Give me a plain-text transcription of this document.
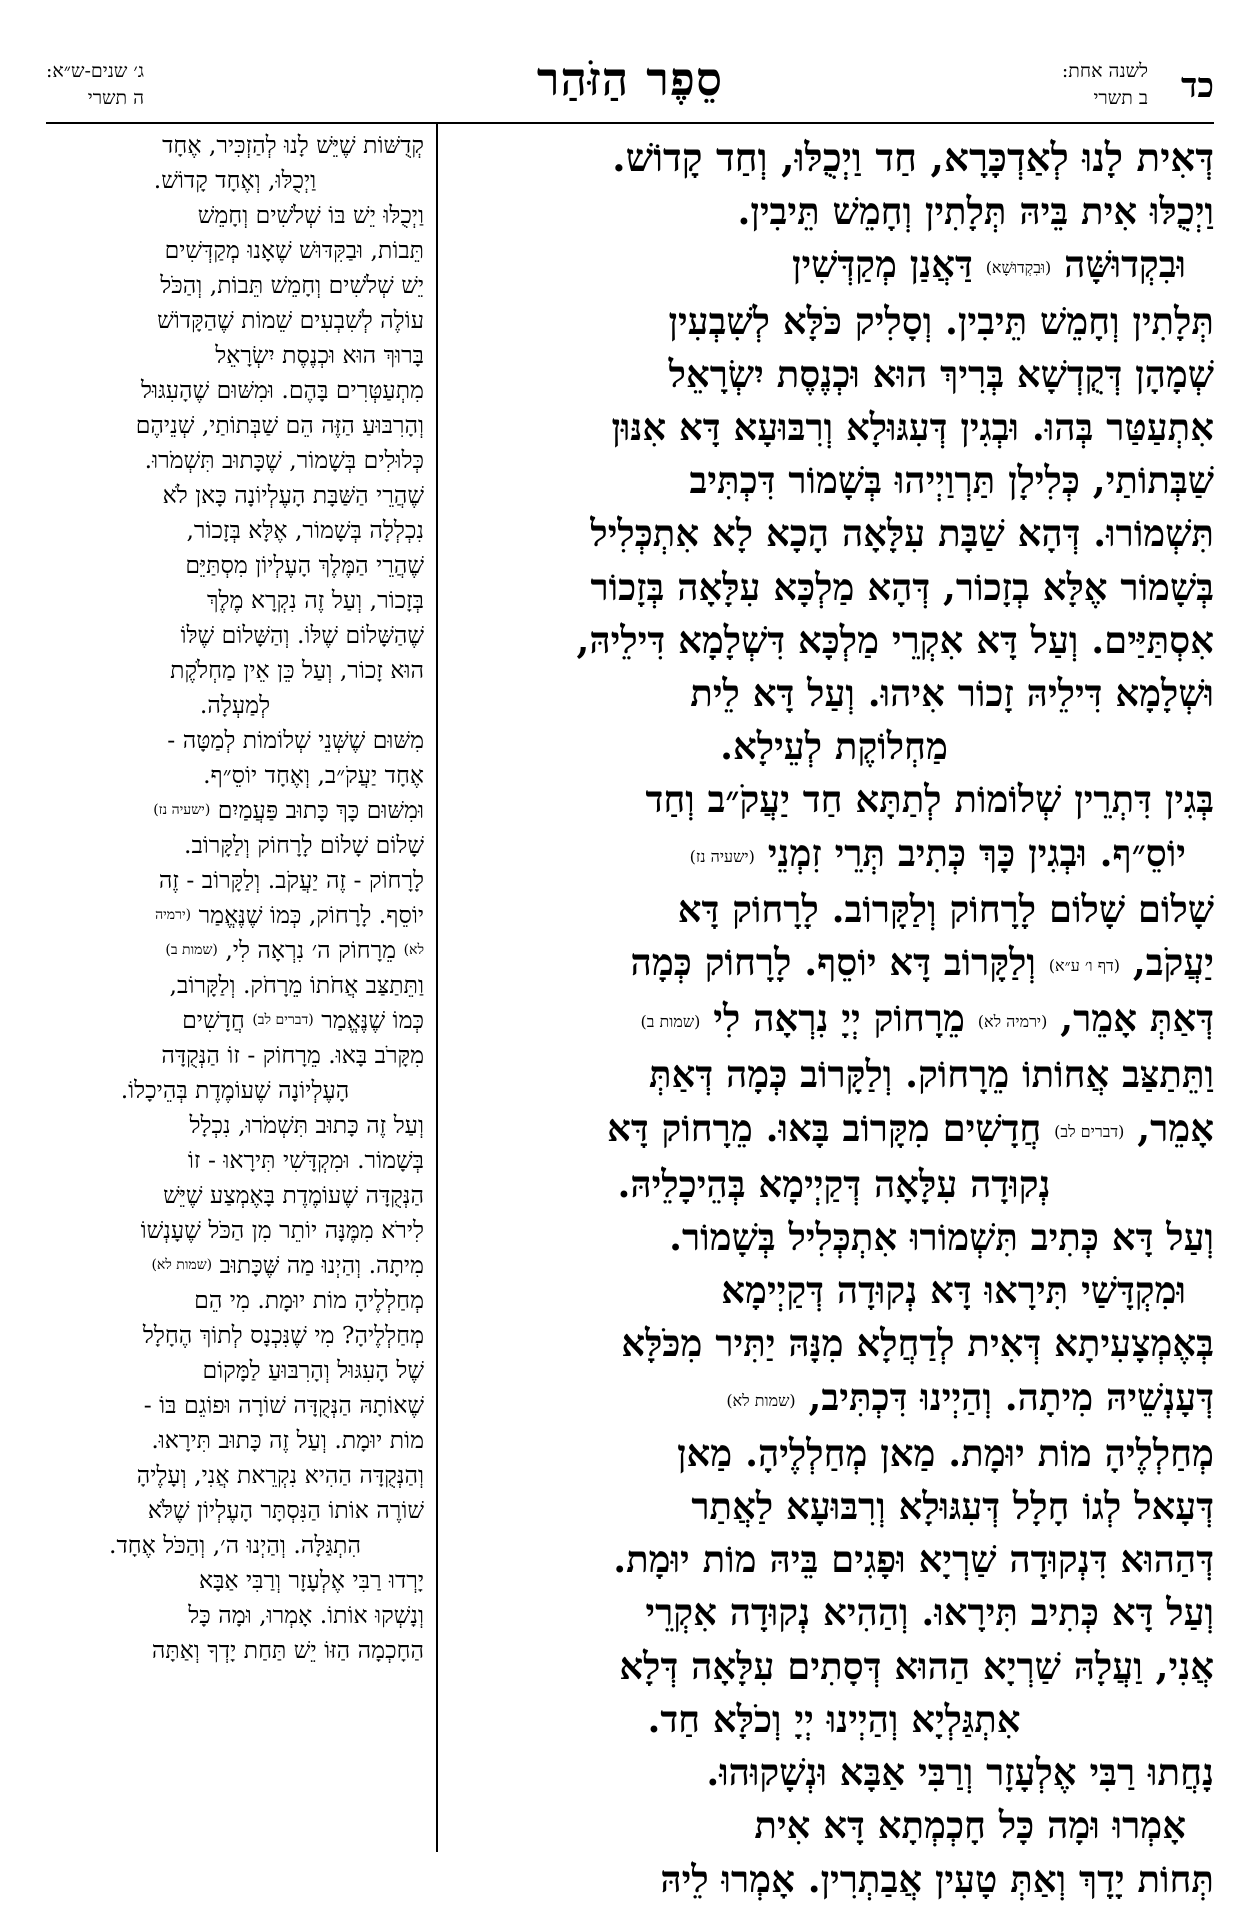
כד
לשנה אחת:
ב תשרי
סֵפֶר הַזֹּהַר
ג׳ שנים-ש״א:
ה תשרי
דְּאִית לָנוּ לְאַדְכָּרָא, חַד וַיְכֻלּוּ, וְחַד קָדוֹשׁ.
וַיְכֻלּוּ אִית בֵּיהּ תְּלָתִין וְחָמֵשׁ תֵּיבִין.
וּבִקְדוּשָּׁה (וּבִקְדוּשָׁא) דַּאֲנַן מְקַדְּשִׁין
תְּלָתִין וְחָמֵשׁ תֵּיבִין. וְסָלִיק כֹּלָּא לְשִׁבְעִין
שְׁמָהָן דְּקֻדְשָׁא בְּרִיךְ הוּא וּכְנֶסֶת יִשְׂרָאֵל
אִתְעַטַּר בְּהוּ. וּבְגִין דְּעִגּוּלָא וְרִבּוּעָא דָּא אִנּוּן
שַׁבְּתוֹתַי, כְּלִילָן תַּרְוַיְיהוּ בְּשָׁמוֹר דִּכְתִּיב
תִּשְׁמוֹרוּ. דְּהָא שַׁבָּת עִלָּאָה הָכָא לָא אִתְכְּלִיל
בְּשָׁמוֹר אֶלָּא בְזָכוֹר, דְּהָא מַלְכָּא עִלָּאָה בְּזָכוֹר
אִסְתַּיַּים. וְעַל דָּא אִקְרֵי מַלְכָּא דִּשְׁלָמָא דִּילֵיהּ,
וּשְׁלָמָא דִּילֵיהּ זָכוֹר אִיהוּ. וְעַל דָּא לֵית
מַחְלוֹקֶת לְעֵילָא.
בְּגִין דִּתְרֵין שְׁלוֹמוֹת לְתַתָּא חַד יַעֲקֹ״ב וְחַד
יוֹסֵ״ף. וּבְגִין כָּךְ כְּתִיב תְּרֵי זִמְנֵי (ישעיה נז)
שָׁלוֹם שָׁלוֹם לָרָחוֹק וְלַקָּרוֹב. לָרָחוֹק דָּא
יַעֲקֹב, (דף ו׳ ע״א) וְלַקָּרוֹב דָּא יוֹסֵף. לָרָחוֹק כְּמָה
דְּאַתְּ אָמֵר, (ירמיה לא) מֵרָחוֹק יְיָ נִרְאָה לִי (שמות ב)
וַתֵּתַצַּב אֲחוֹתוֹ מֵרָחוֹק. וְלַקָּרוֹב כְּמָה דְּאַתְּ
אָמֵר, (דברים לב) חֲדָשִׁים מִקָּרוֹב בָּאוּ. מֵרָחוֹק דָּא
נְקוּדָה עִלָּאָה דְּקַיְימָא בְּהֵיכָלֵיהּ.
וְעַל דָּא כְּתִיב תִּשְׁמוֹרוּ אִתְכְּלִיל בְּשָׁמוֹר.
וּמִקְדָּשַׁי תִּירָאוּ דָּא נְקוּדָה דְּקַיְימָא
בְּאֶמְצָעִיתָא דְּאִית לְדַחֲלָא מִנָּהּ יַתִּיר מִכֹּלָּא
דְּעָנְשֵׁיהּ מִיתָה. וְהַיְינוּ דִּכְתִּיב, (שמות לא)
מְחַלְלֶיהָ מוֹת יוּמָת. מַאן מְחַלְלֶיהָ. מַאן
דְּעָאל לְגוֹ חָלָל דְּעִגּוּלָא וְרִבּוּעָא לַאֲתַר
דְּהַהוּא דִּנְקוּדָה שַׁרְיָא וּפָגִים בֵּיהּ מוֹת יוּמָת.
וְעַל דָּא כְּתִיב תִּירָאוּ. וְהַהִיא נְקוּדָה אִקְרֵי
אֲנִי, וַעֲלָהּ שַׁרְיָא הַהוּא דְּסָתִים עִלָּאָה דְּלָא
אִתְגַּלְיָא וְהַיְינוּ יְיָ וְכֹלָּא חַד.
נָחֲתוּ רַבִּי אֶלְעָזָר וְרַבִּי אַבָּא וּנְשָׁקוּהוּ.
אָמְרוּ וּמָה כָּל חָכְמְתָא דָּא אִית
תְּחוֹת יָדָךְ וְאַתְּ טָעִין אֲבַתְרִין. אָמְרוּ לֵיהּ
קְדֻשּׁוֹת שֶׁיֵּשׁ לָנוּ לְהַזְכִּיר, אֶחָד
וַיְכֻלּוּ, וְאֶחָד קָדוֹשׁ.
וַיְכֻלּוּ יֵשׁ בּוֹ שְׁלֹשִׁים וְחָמֵשׁ
תֵּבוֹת, וּבַקִּדּוּשׁ שֶׁאָנוּ מְקַדְּשִׁים
יֵשׁ שְׁלֹשִׁים וְחָמֵשׁ תֵּבוֹת, וְהַכֹּל
עוֹלֶה לְשִׁבְעִים שֵׁמוֹת שֶׁהַקָּדוֹשׁ
בָּרוּךְ הוּא וּכְנֶסֶת יִשְׂרָאֵל
מִתְעַטְּרִים בָּהֶם. וּמִשּׁוּם שֶׁהָעִגּוּל
וְהָרִבּוּעַ הַזֶּה הֵם שַׁבְּתוֹתַי, שְׁנֵיהֶם
כְּלוּלִים בְּשָׁמוֹר, שֶׁכָּתוּב תִּשְׁמֹרוּ.
שֶׁהֲרֵי הַשַּׁבָּת הָעֶלְיוֹנָה כָּאן לֹא
נִכְלְלָה בְּשָׁמוֹר, אֶלָּא בְּזָכוֹר,
שֶׁהֲרֵי הַמֶּלֶךְ הָעֶלְיוֹן מִסְתַּיֵּם
בְּזָכוֹר, וְעַל זֶה נִקְרָא מֶלֶךְ
שֶׁהַשָּׁלוֹם שֶׁלּוֹ. וְהַשָּׁלוֹם שֶׁלּוֹ
הוּא זָכוֹר, וְעַל כֵּן אֵין מַחְלֹקֶת
לְמַעְלָה.
מִשּׁוּם שֶׁשְּׁנֵי שְׁלוֹמוֹת לְמַטָּה -
אֶחָד יַעֲקֹ״ב, וְאֶחָד יוֹסֵ״ף.
וּמִשּׁוּם כָּךְ כָּתוּב פַּעֲמַיִם (ישעיה נז)
שָׁלוֹם שָׁלוֹם לָרָחוֹק וְלַקָּרוֹב.
לָרָחוֹק - זֶה יַעֲקֹב. וְלַקָּרוֹב - זֶה
יוֹסֵף. לָרָחוֹק, כְּמוֹ שֶׁנֶּאֱמַר (ירמיה
לא) מֵרָחוֹק ה׳ נִרְאָה לִי, (שמות ב)
וַתֵּתַצַּב אֲחֹתוֹ מֵרָחֹק. וְלַקָּרוֹב,
כְּמוֹ שֶׁנֶּאֱמַר (דברים לב) חֲדָשִׁים
מִקָּרֹב בָּאוּ. מֵרָחוֹק - זוֹ הַנְּקֻדָּה
הָעֶלְיוֹנָה שֶׁעוֹמֶדֶת בְּהֵיכָלוֹ.
וְעַל זֶה כָּתוּב תִּשְׁמֹרוּ, נִכְלָל
בְּשָׁמוֹר. וּמִקְדָּשִׁי תִּירָאוּ - זוֹ
הַנְּקֻדָּה שֶׁעוֹמֶדֶת בָּאֶמְצַע שֶׁיֵּשׁ
לִירֹא מִמֶּנָּה יוֹתֵר מִן הַכֹּל שֶׁעָנְשׁוֹ
מִיתָה. וְהַיְנוּ מַה שֶּׁכָּתוּב (שמות לא)
מְחַלְלֶיהָ מוֹת יוּמָת. מִי הֵם
מְחַלְלֶיהָ? מִי שֶׁנִּכְנָס לְתוֹךְ הֶחָלָל
שֶׁל הָעִגּוּל וְהָרִבּוּעַ לַמָּקוֹם
שֶׁאוֹתָהּ הַנְּקֻדָּה שׁוֹרָה וּפוֹגֵם בּוֹ -
מוֹת יוּמָת. וְעַל זֶה כָּתוּב תִּירָאוּ.
וְהַנְּקֻדָּה הַהִיא נִקְרֵאת אֲנִי, וְעָלֶיהָ
שׁוֹרֶה אוֹתוֹ הַנִּסְתָּר הָעֶלְיוֹן שֶׁלֹּא
הִתְגַּלָּה. וְהַיְנוּ ה׳, וְהַכֹּל אֶחָד.
יָרְדוּ רַבִּי אֶלְעָזָר וְרַבִּי אַבָּא
וְנָשְׁקוּ אוֹתוֹ. אָמְרוּ, וּמָה כָּל
הַחָכְמָה הַזּוֹ יֵשׁ תַּחַת יָדְךָ וְאַתָּה
